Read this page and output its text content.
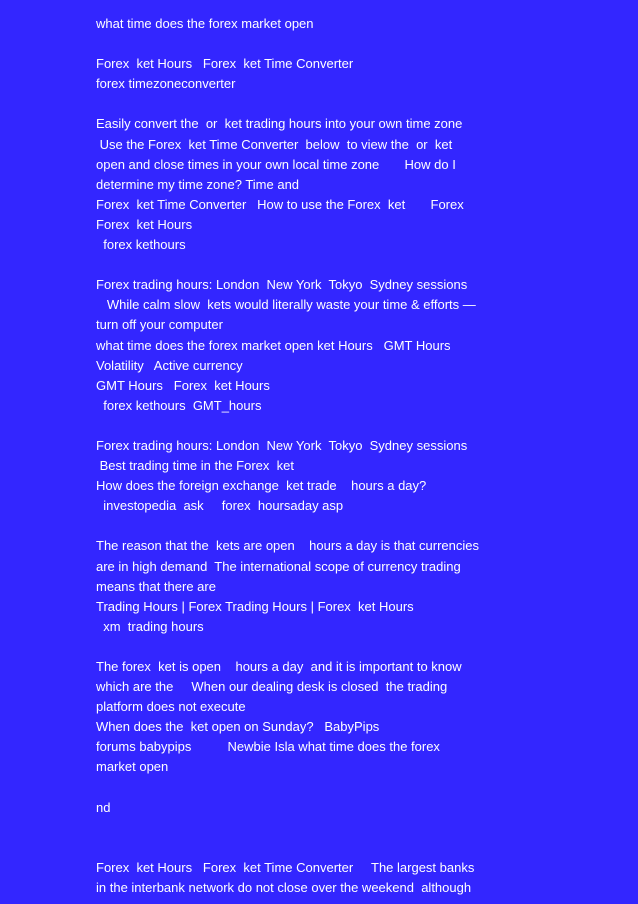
what time does the forex market open
Forex  ket Hours   Forex  ket Time Converter
forex timezoneconverter
Easily convert the  or  ket trading hours into your own time zone
Use the Forex  ket Time Converter  below  to view the  or  ket
open and close times in your own local time zone       How do I
determine my time zone? Time and
Forex  ket Time Converter   How to use the Forex  ket       Forex
Forex  ket Hours
forex kethours
Forex trading hours: London  New York  Tokyo  Sydney sessions
While calm slow  kets would literally waste your time & efforts —
turn off your computer
what time does the forex market open ket Hours   GMT Hours
Volatility   Active currency
GMT Hours   Forex  ket Hours
forex kethours  GMT_hours
Forex trading hours: London  New York  Tokyo  Sydney sessions
Best trading time in the Forex  ket
How does the foreign exchange  ket trade    hours a day?
investopedia  ask     forex  hoursaday asp
The reason that the  kets are open    hours a day is that currencies
are in high demand  The international scope of currency trading
means that there are
Trading Hours | Forex Trading Hours | Forex  ket Hours
xm  trading hours
The forex  ket is open    hours a day  and it is important to know
which are the     When our dealing desk is closed  the trading
platform does not execute
When does the  ket open on Sunday?   BabyPips
forums babypips          Newbie Isla what time does the forex
market open
nd
Forex  ket Hours   Forex  ket Time Converter     The largest banks
in the interbank network do not close over the weekend  although
